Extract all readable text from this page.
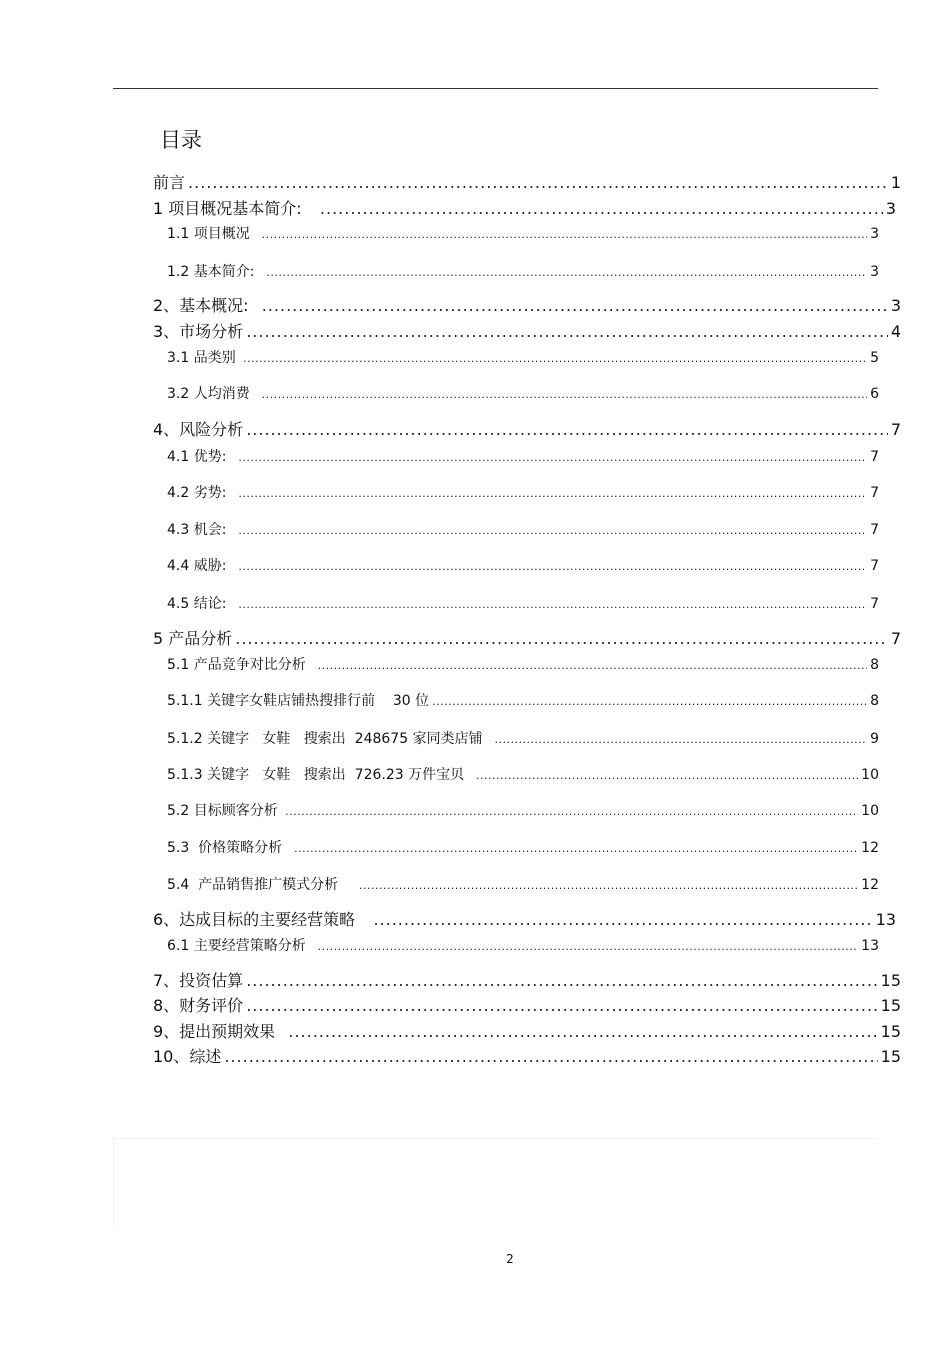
目录
前言 .....	1
1 项目概况基本简介: .....	3
1.1 项目概况 .....	3
1.2 基本简介: .....	3
2、基本概况: .....	3
3、市场分析 .....	4
3.1 品类别 .....	5
3.2 人均消费 .....	6
4、风险分析 .....	7
4.1 优势: .....	7
4.2 劣势: .....	7
4.3 机会: .....	7
4.4 威胁: .....	7
4.5 结论: .....	7
5 产品分析 .....	7
5.1 产品竞争对比分析 .....	8
5.1.1 关键字女鞋店铺热搜排行前    30 位 .....	8
5.1.2 关键字   女鞋   搜索出  248675 家同类店铺 .....	9
5.1.3 关键字   女鞋   搜索出  726.23 万件宝贝 .....	10
5.2 目标顾客分析 .....	10
5.3  价格策略分析 .....	12
5.4  产品销售推广模式分析 .....	12
6、达成目标的主要经营策略 .....	13
6.1 主要经营策略分析 .....	13
7、投资估算 .....	15
8、财务评价 .....	15
9、提出预期效果 .....	15
10、综述 .....	15
2
